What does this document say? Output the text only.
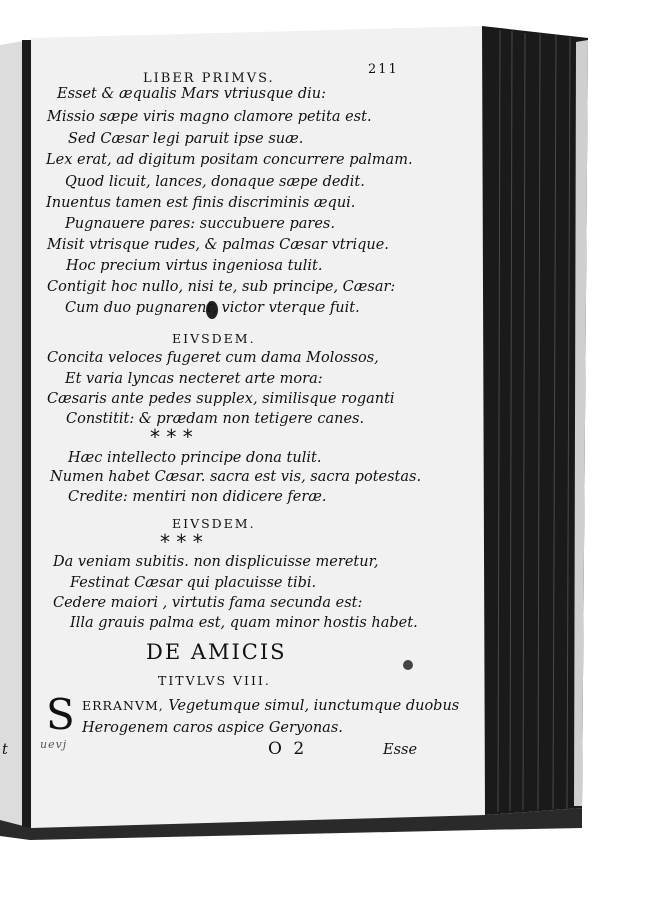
LIBER PRIMVS.

211

Esset & æqualis Mars vtriusque diu:

Missio sæpe viris magno clamore petita est.

Sed Cæsar legi paruit ipse suæ.

Lex erat, ad digitum positam concurrere palmam.

Quod licuit, lances, donaque sæpe dedit.

Inuentus tamen est finis discriminis æqui.

Pugnauere pares: succubuere pares.

Misit vtrisque rudes, & palmas Cæsar vtrique.

Hoc precium virtus ingeniosa tulit.

Contigit hoc nullo, nisi te, sub principe, Cæsar:

Cum duo pugnarent, victor vterque fuit.

EIVSDEM.

Concita veloces fugeret cum dama Molossos,

Et varia lyncas necteret arte mora:

Cæsaris ante pedes supplex, similisque roganti

Constitit: & prædam non tetigere canes.

* * *

Hæc intellecto principe dona tulit.

Numen habet Cæsar. sacra est vis, sacra potestas.

Credite: mentiri non didicere feræ.

EIVSDEM.

* * *

Da veniam subitis. non displicuisse meretur,

Festinat Cæsar qui placuisse tibi.

Cedere maiori , virtutis fama secunda est:

Illa grauis palma est, quam minor hostis habet.

DE AMICIS

TITVLVS VIII.

S ERRANVM, Vegetumque simul, iunctumque duobus

Herogenem caros aspice Geryonas.

O 2	Esse

t	uevj
